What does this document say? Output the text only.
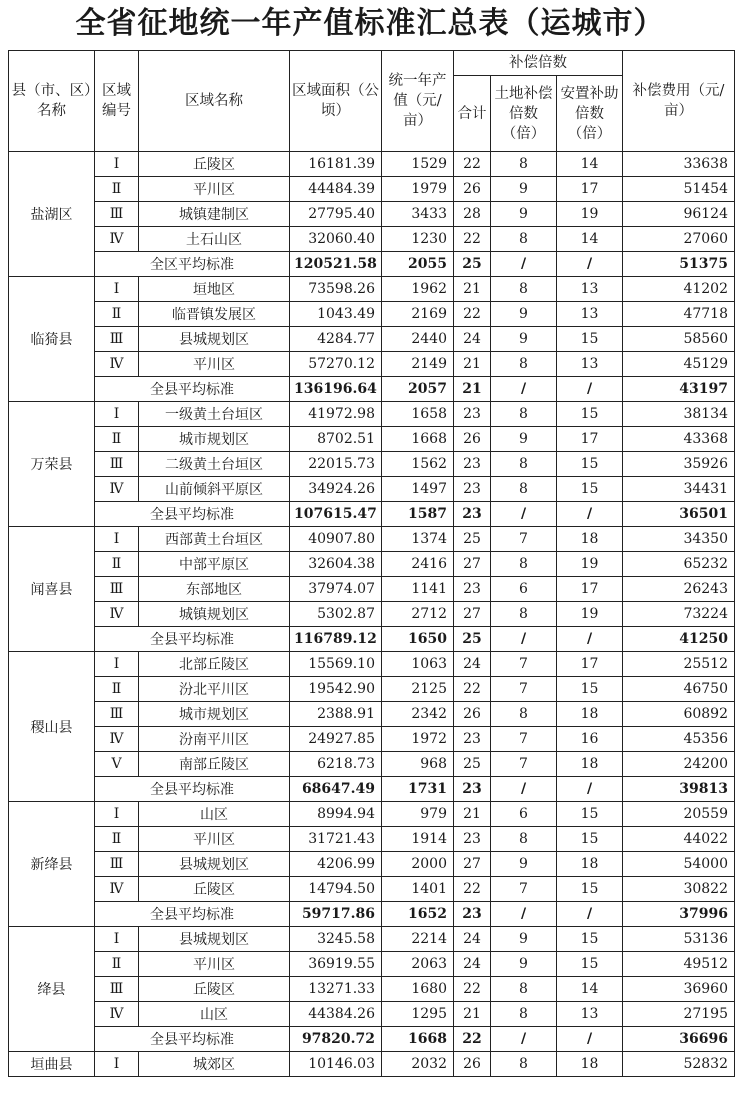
全省征地统一年产值标准汇总表（运城市）
县（市、区）名称	区域编号	区域名称	区域面积（公顷）	统一年产值（元/亩）	补偿倍数			补偿费用（元/亩）
					合计	土地补偿倍数（倍）	安置补助倍数（倍）	
盐湖区	Ⅰ	丘陵区	16181.39	1529	22	8	14	33638
	Ⅱ	平川区	44484.39	1979	26	9	17	51454
	Ⅲ	城镇建制区	27795.40	3433	28	9	19	96124
	Ⅳ	土石山区	32060.40	1230	22	8	14	27060
	全区平均标准		120521.58	2055	25	/	/	51375
临猗县	Ⅰ	垣地区	73598.26	1962	21	8	13	41202
	Ⅱ	临晋镇发展区	1043.49	2169	22	9	13	47718
	Ⅲ	县城规划区	4284.77	2440	24	9	15	58560
	Ⅳ	平川区	57270.12	2149	21	8	13	45129
	全县平均标准		136196.64	2057	21	/	/	43197
万荣县	Ⅰ	一级黄土台垣区	41972.98	1658	23	8	15	38134
	Ⅱ	城市规划区	8702.51	1668	26	9	17	43368
	Ⅲ	二级黄土台垣区	22015.73	1562	23	8	15	35926
	Ⅳ	山前倾斜平原区	34924.26	1497	23	8	15	34431
	全县平均标准		107615.47	1587	23	/	/	36501
闻喜县	Ⅰ	西部黄土台垣区	40907.80	1374	25	7	18	34350
	Ⅱ	中部平原区	32604.38	2416	27	8	19	65232
	Ⅲ	东部地区	37974.07	1141	23	6	17	26243
	Ⅳ	城镇规划区	5302.87	2712	27	8	19	73224
	全县平均标准		116789.12	1650	25	/	/	41250
稷山县	Ⅰ	北部丘陵区	15569.10	1063	24	7	17	25512
	Ⅱ	汾北平川区	19542.90	2125	22	7	15	46750
	Ⅲ	城市规划区	2388.91	2342	26	8	18	60892
	Ⅳ	汾南平川区	24927.85	1972	23	7	16	45356
	Ⅴ	南部丘陵区	6218.73	968	25	7	18	24200
	全县平均标准		68647.49	1731	23	/	/	39813
新绛县	Ⅰ	山区	8994.94	979	21	6	15	20559
	Ⅱ	平川区	31721.43	1914	23	8	15	44022
	Ⅲ	县城规划区	4206.99	2000	27	9	18	54000
	Ⅳ	丘陵区	14794.50	1401	22	7	15	30822
	全县平均标准		59717.86	1652	23	/	/	37996
绛县	Ⅰ	县城规划区	3245.58	2214	24	9	15	53136
	Ⅱ	平川区	36919.55	2063	24	9	15	49512
	Ⅲ	丘陵区	13271.33	1680	22	8	14	36960
	Ⅳ	山区	44384.26	1295	21	8	13	27195
	全县平均标准		97820.72	1668	22	/	/	36696
垣曲县	Ⅰ	城郊区	10146.03	2032	26	8	18	52832
